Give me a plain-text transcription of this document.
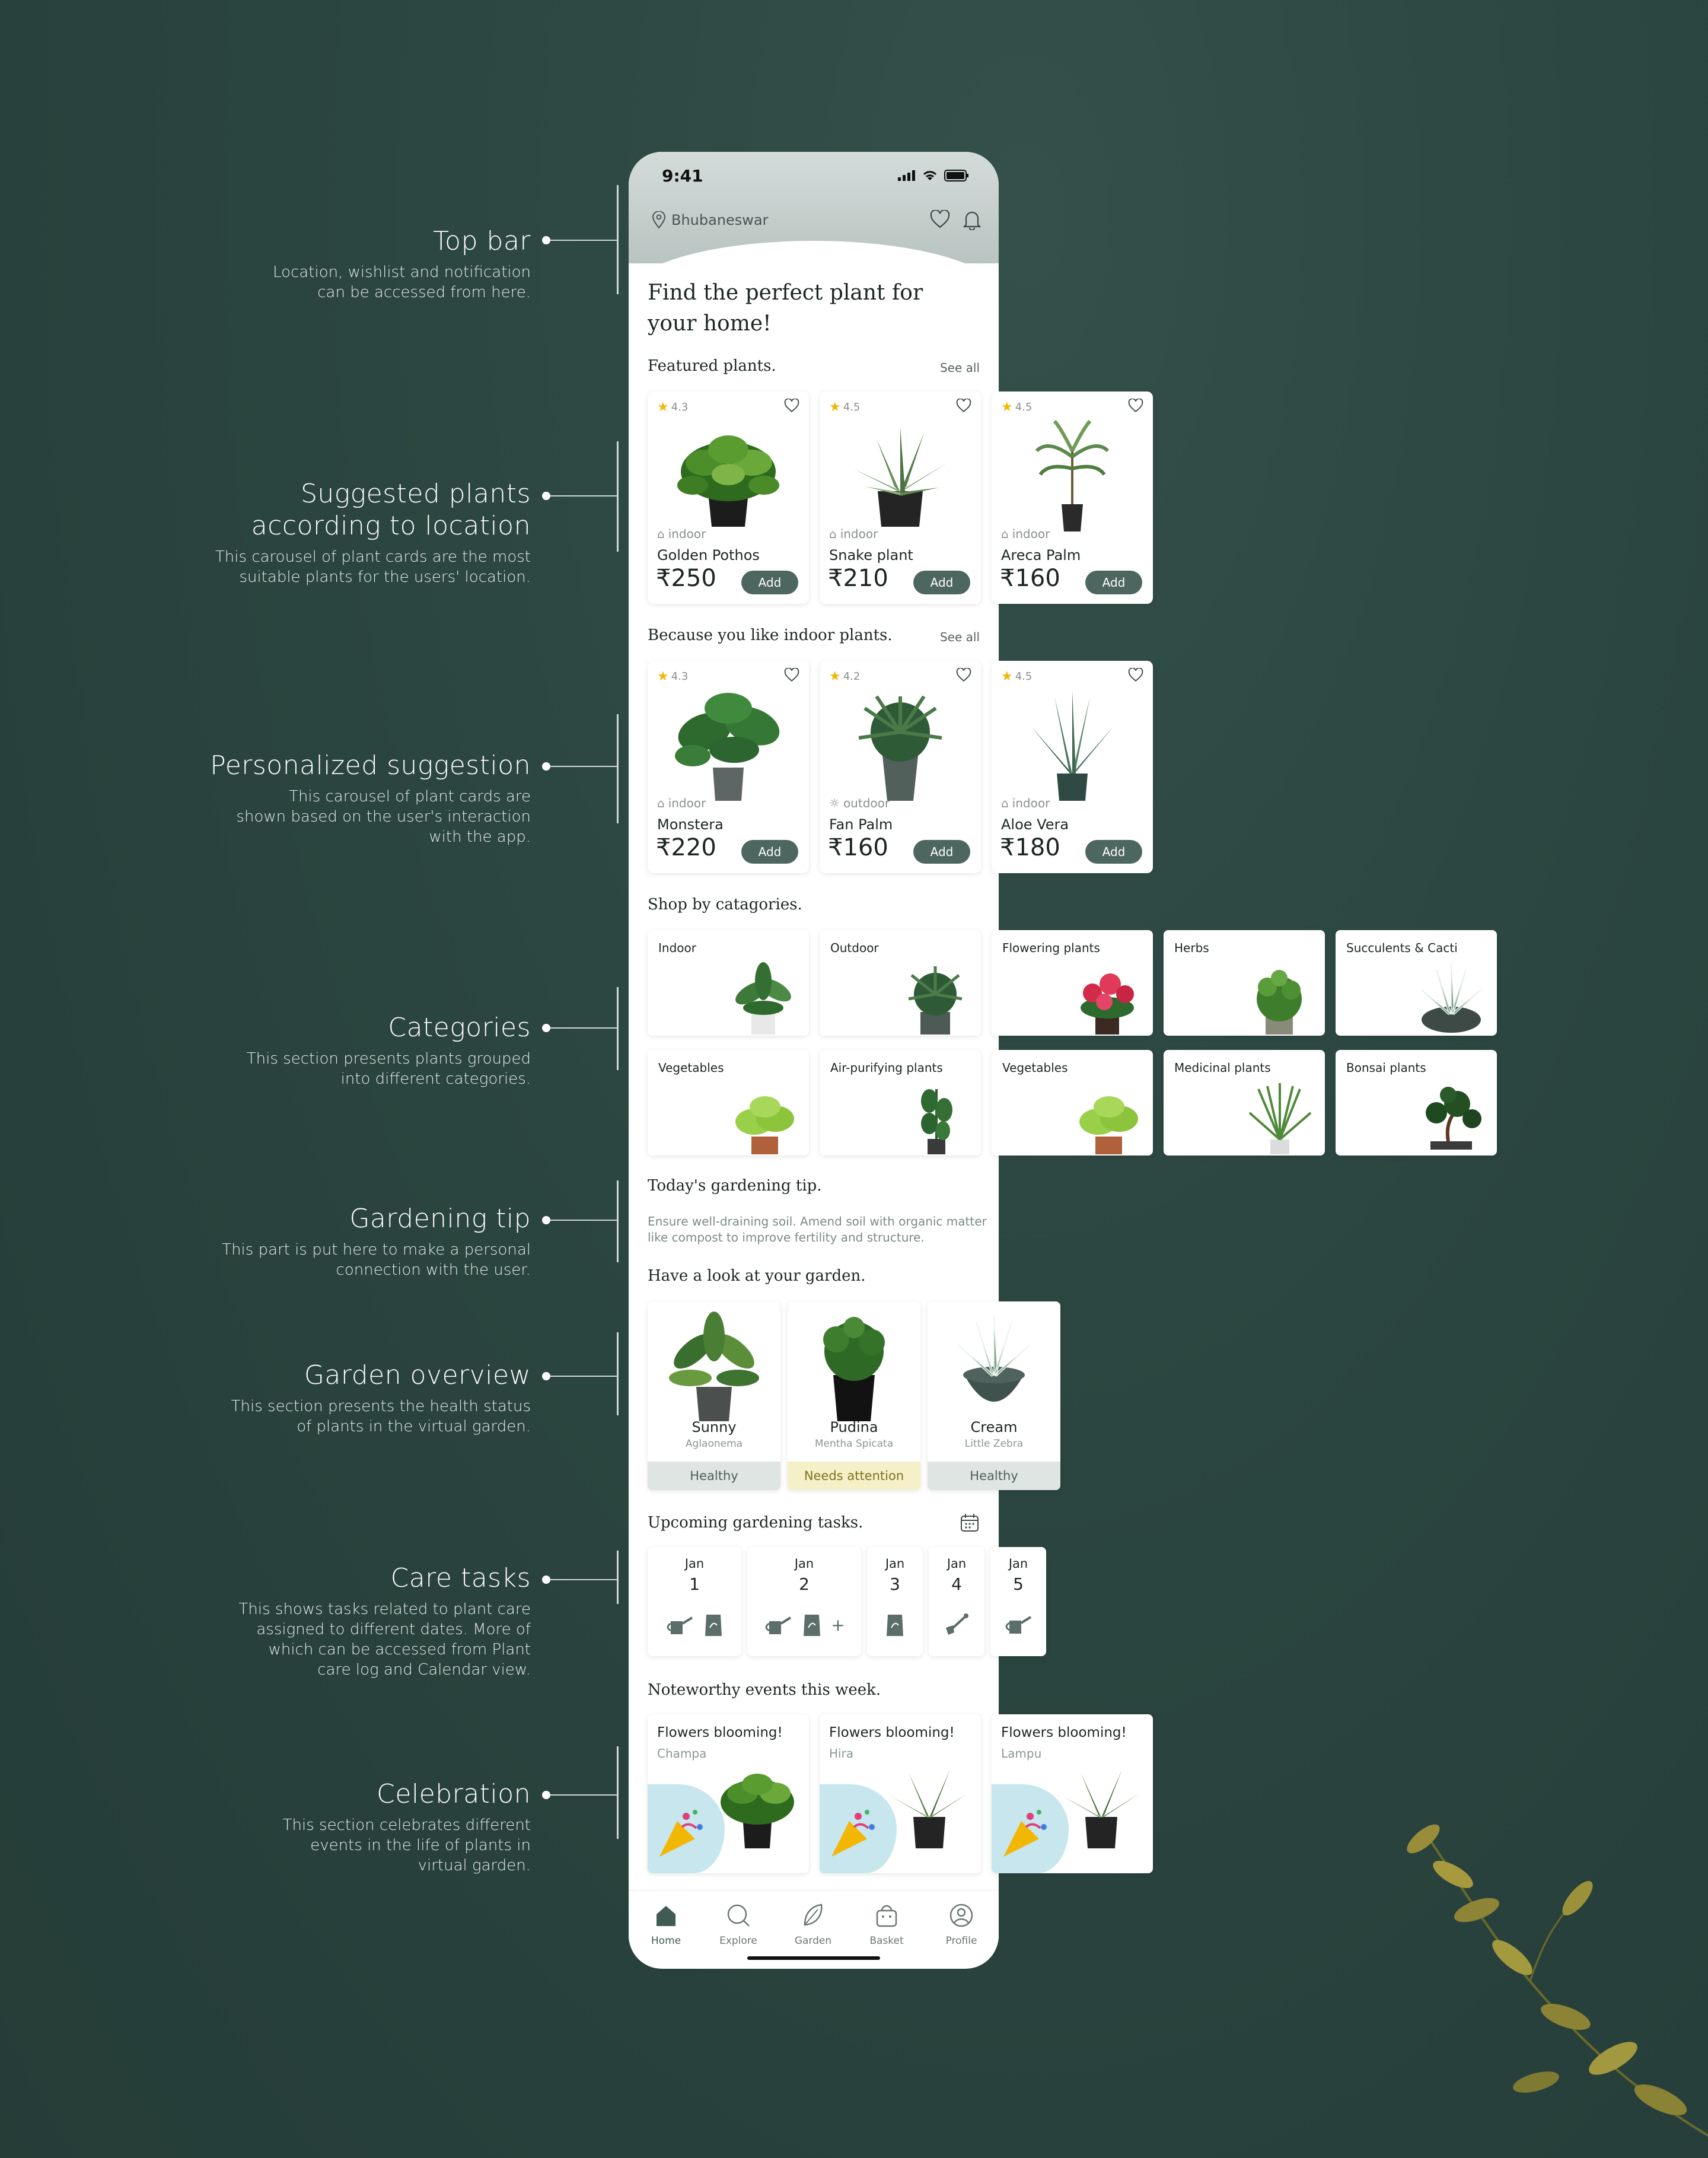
Top bar
Location, wishlist and notification
can be accessed from here.
Suggested plants
according to location
This carousel of plant cards are the most
suitable plants for the users' location.
Personalized suggestion
This carousel of plant cards are
shown based on the user's interaction
with the app.
Categories
This section presents plants grouped
into different categories.
Gardening tip
This part is put here to make a personal
connection with the user.
Garden overview
This section presents the health status
of plants in the virtual garden.
Care tasks
This shows tasks related to plant care
assigned to different dates. More of
which can be accessed from Plant
care log and Calendar view.
Celebration
This section celebrates different
events in the life of plants in
virtual garden.
9:41
Bhubaneswar
Find the perfect plant for your home!
Featured plants.	See all
★ 4.3
⌂ indoor
Golden Pothos
₹250	Add
★ 4.5
⌂ indoor
Snake plant
₹210	Add
★ 4.5
⌂ indoor
Areca Palm
₹160	Add
Because you like indoor plants.	See all
★ 4.3
⌂ indoor
Monstera
₹220	Add
★ 4.2
☼ outdoor
Fan Palm
₹160	Add
★ 4.5
⌂ indoor
Aloe Vera
₹180	Add
Shop by catagories.
Indoor	Outdoor	Flowering plants	Herbs	Succulents & Cacti
Vegetables	Air-purifying plants	Vegetables	Medicinal plants	Bonsai plants
Today's gardening tip.
Ensure well-draining soil. Amend soil with organic matter like compost to improve fertility and structure.
Have a look at your garden.
Sunny
Aglaonema
Healthy
Pudina
Mentha Spicata
Needs attention
Cream
Little Zebra
Healthy
Upcoming gardening tasks.
Jan
1
Jan
2
+
Jan
3
Jan
4
Jan
5
Noteworthy events this week.
Flowers blooming!
Champa
Flowers blooming!
Hira
Flowers blooming!
Lampu
Home	Explore	Garden	Basket	Profile
